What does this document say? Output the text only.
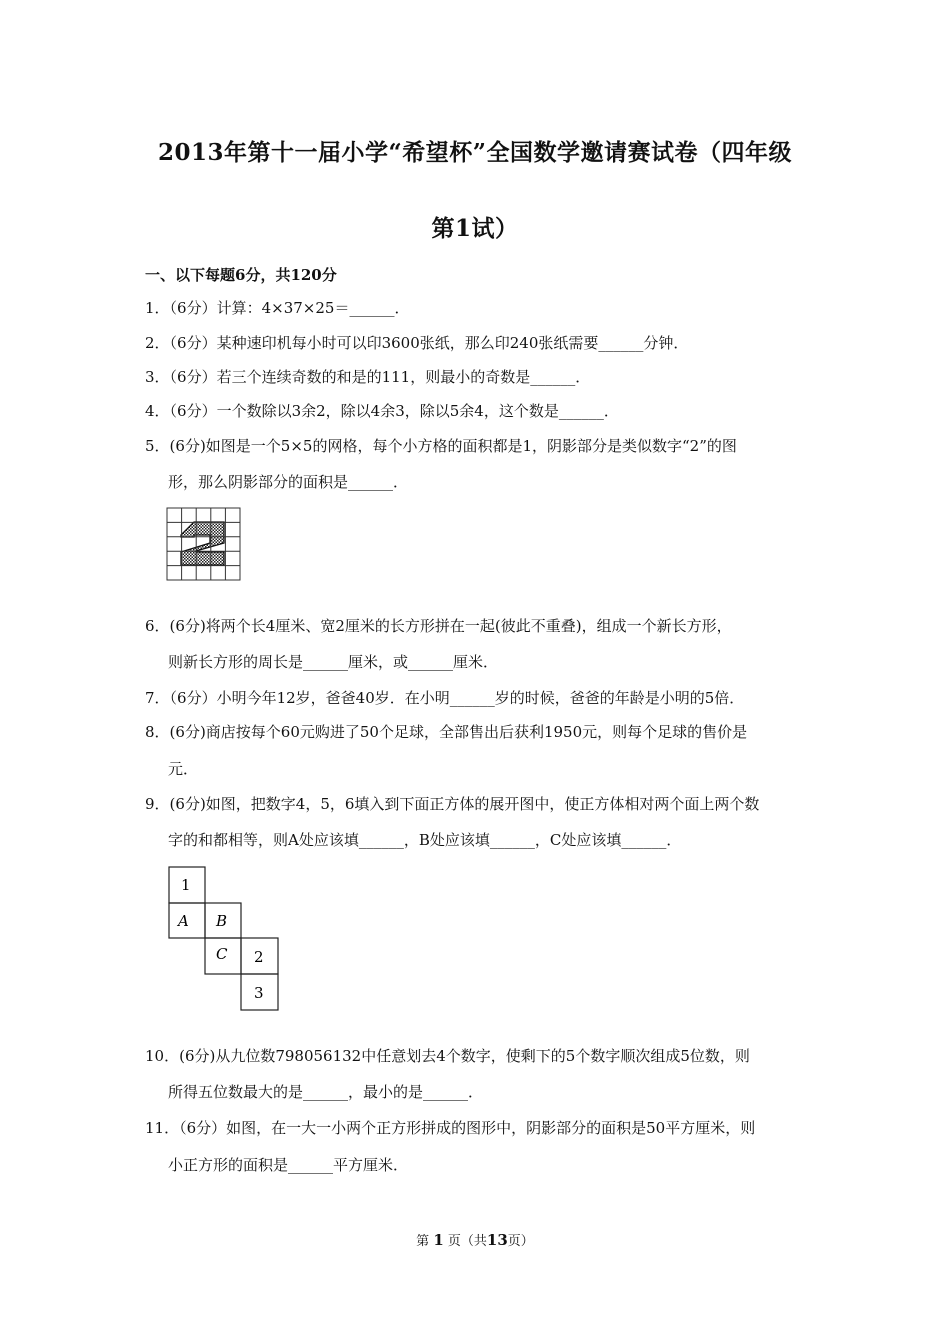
2013年第十一届小学“希望杯”全国数学邀请赛试卷（四年级
第1试）
一、以下每题6分，共120分
1．（6分）计算：4×37×25＝______．
2．（6分）某种速印机每小时可以印3600张纸，那么印240张纸需要______分钟．
3．（6分）若三个连续奇数的和是的111，则最小的奇数是______．
4．（6分）一个数除以3余2，除以4余3，除以5余4，这个数是______．
5．(6分)如图是一个5×5的网格，每个小方格的面积都是1，阴影部分是类似数字“2”的图
形，那么阴影部分的面积是______．
6．(6分)将两个长4厘米、宽2厘米的长方形拼在一起(彼此不重叠)，组成一个新长方形，
则新长方形的周长是______厘米，或______厘米．
7．（6分）小明今年12岁，爸爸40岁．在小明______岁的时候，爸爸的年龄是小明的5倍．
8．(6分)商店按每个60元购进了50个足球，全部售出后获利1950元，则每个足球的售价是
元．
9．(6分)如图，把数字4，5，6填入到下面正方体的展开图中，使正方体相对两个面上两个数
字的和都相等，则A处应该填______，B处应该填______，C处应该填______．
1
A B
C 2
3
10．(6分)从九位数798056132中任意划去4个数字，使剩下的5个数字顺次组成5位数，则
所得五位数最大的是______，最小的是______．
11．（6分）如图，在一大一小两个正方形拼成的图形中，阴影部分的面积是50平方厘米，则
小正方形的面积是______平方厘米．
第 1 页（共13页）
